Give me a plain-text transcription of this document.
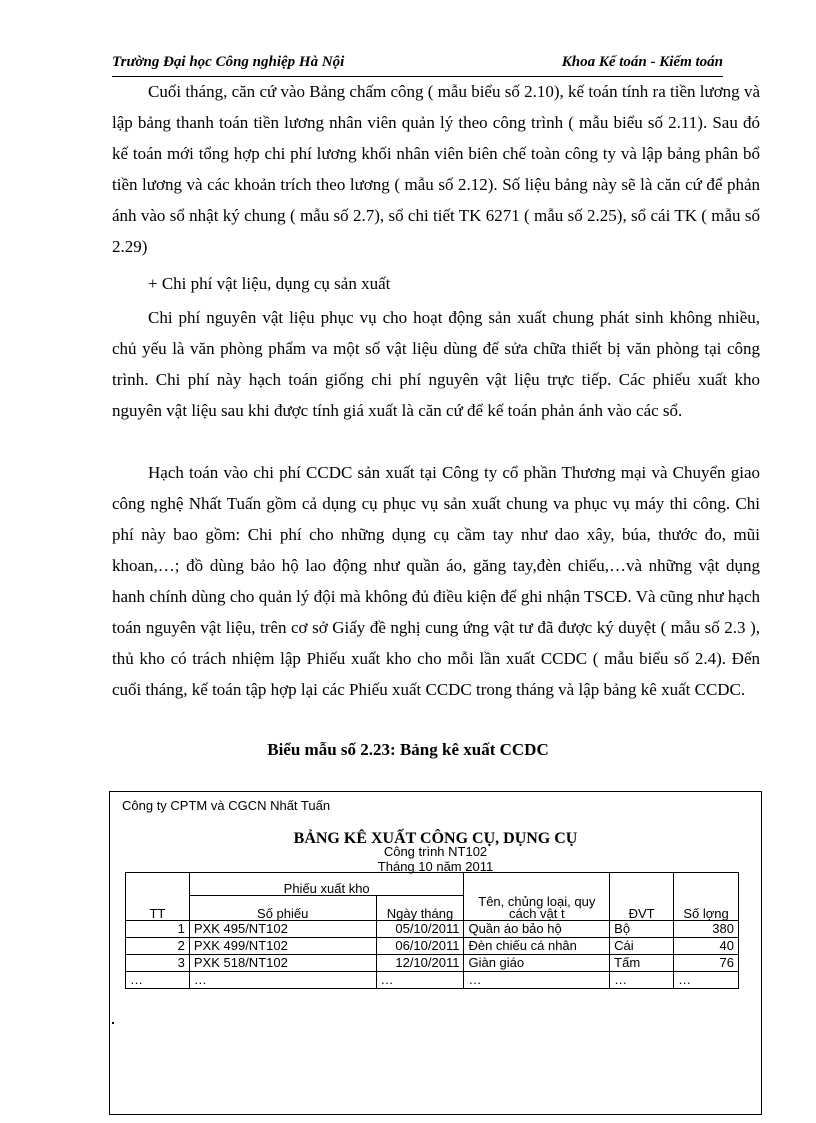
Trường Đại học Công nghiệp Hà Nội	Khoa Kế toán - Kiểm toán
Cuối tháng, căn cứ vào Bảng chấm công ( mẫu biểu số 2.10), kế toán tính ra tiền lương và lập bảng thanh toán tiền lương nhân viên quản lý theo công trình ( mẫu biểu số 2.11). Sau đó kế toán mới tổng hợp chi phí lương khối nhân viên biên chế toàn công ty và lập bảng phân bổ tiền lương và các khoản trích theo lương ( mẫu số 2.12). Số liệu bảng này sẽ là căn cứ để phản ánh vào sổ nhật ký chung ( mẫu số 2.7), sổ chi tiết TK 6271 ( mẫu số 2.25), sổ cái TK ( mẫu số 2.29)
+ Chi phí vật liệu, dụng cụ sản xuất
Chi phí nguyên vật liệu phục vụ cho hoạt động sản xuất chung phát sinh không nhiều, chủ yếu là văn phòng phẩm va một số vật liệu dùng để sửa chữa thiết bị văn phòng tại công trình. Chi phí này hạch toán giống chi phí nguyên vật liệu trực tiếp. Các phiếu xuất kho nguyên vật liệu sau khi được tính giá xuất là căn cứ để kế toán phản ánh vào các sổ.
Hạch toán vào chi phí CCDC sản xuất tại Công ty cổ phần Thương mại và Chuyển giao công nghệ Nhất Tuấn gồm cả dụng cụ phục vụ sản xuất chung va phục vụ máy thi công. Chi phí này bao gồm: Chi phí cho những dụng cụ cầm tay như dao xây, búa, thước đo, mũi khoan,…; đồ dùng bảo hộ lao động như quần áo, găng tay,đèn chiếu,…và những vật dụng hanh chính dùng cho quản lý đội mà không đủ điều kiện để ghi nhận TSCĐ. Và cũng như hạch toán nguyên vật liệu, trên cơ sở Giấy đề nghị cung ứng vật tư đã được ký duyệt ( mẫu số 2.3 ), thủ kho có trách nhiệm lập Phiếu xuất kho cho mỗi lần xuất CCDC ( mẫu biểu số 2.4). Đến cuối tháng, kế toán tập hợp lại các Phiếu xuất CCDC trong tháng và lập bảng kê xuất CCDC.
Biểu mẫu số 2.23: Bảng kê xuất CCDC
Công ty CPTM và CGCN Nhất Tuấn
BẢNG KÊ XUẤT CÔNG CỤ, DỤNG CỤ
Công trình NT102
Tháng 10 năm 2011
TT	Phiếu xuất kho		Tên, chủng loại, quy cách vật t	ĐVT	Số lợng
	Số phiếu	Ngày tháng			
1	PXK 495/NT102	05/10/2011	Quần áo bảo hộ	Bộ	380
2	PXK 499/NT102	06/10/2011	Đèn chiếu cá nhân	Cái	40
3	PXK 518/NT102	12/10/2011	Giàn giáo	Tấm	76
…	…	…	…	…	…
